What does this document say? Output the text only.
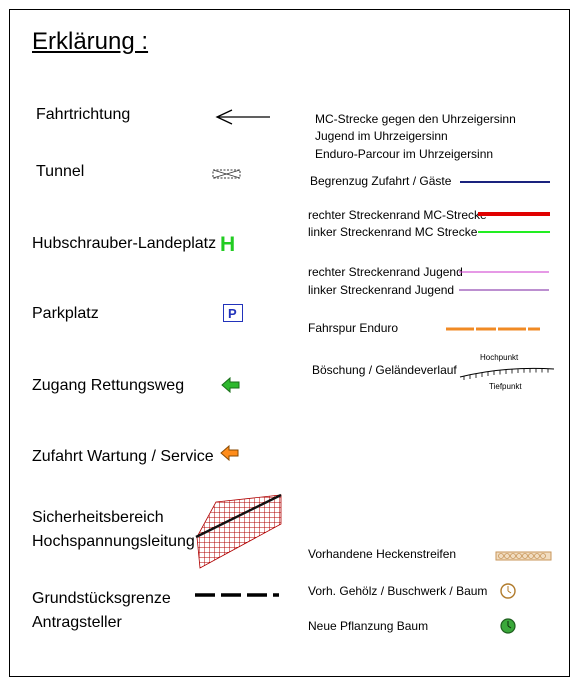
Erklärung :
Fahrtrichtung
Tunnel
Hubschrauber-Landeplatz H
Parkplatz	P
Zugang Rettungsweg
Zufahrt Wartung / Service
Sicherheitsbereich
Hochspannungsleitung
Grundstücksgrenze
Antragsteller
MC-Strecke gegen den Uhrzeigersinn
Jugend im Uhrzeigersinn
Enduro-Parcour im Uhrzeigersinn
Begrenzug Zufahrt / Gäste
rechter Streckenrand MC-Strecke
linker Streckenrand MC Strecke
rechter Streckenrand Jugend
linker Streckenrand Jugend
Fahrspur Enduro
Böschung / Geländeverlauf
Hochpunkt
Tiefpunkt
Vorhandene Heckenstreifen
Vorh. Gehölz / Buschwerk / Baum
Neue Pflanzung Baum
